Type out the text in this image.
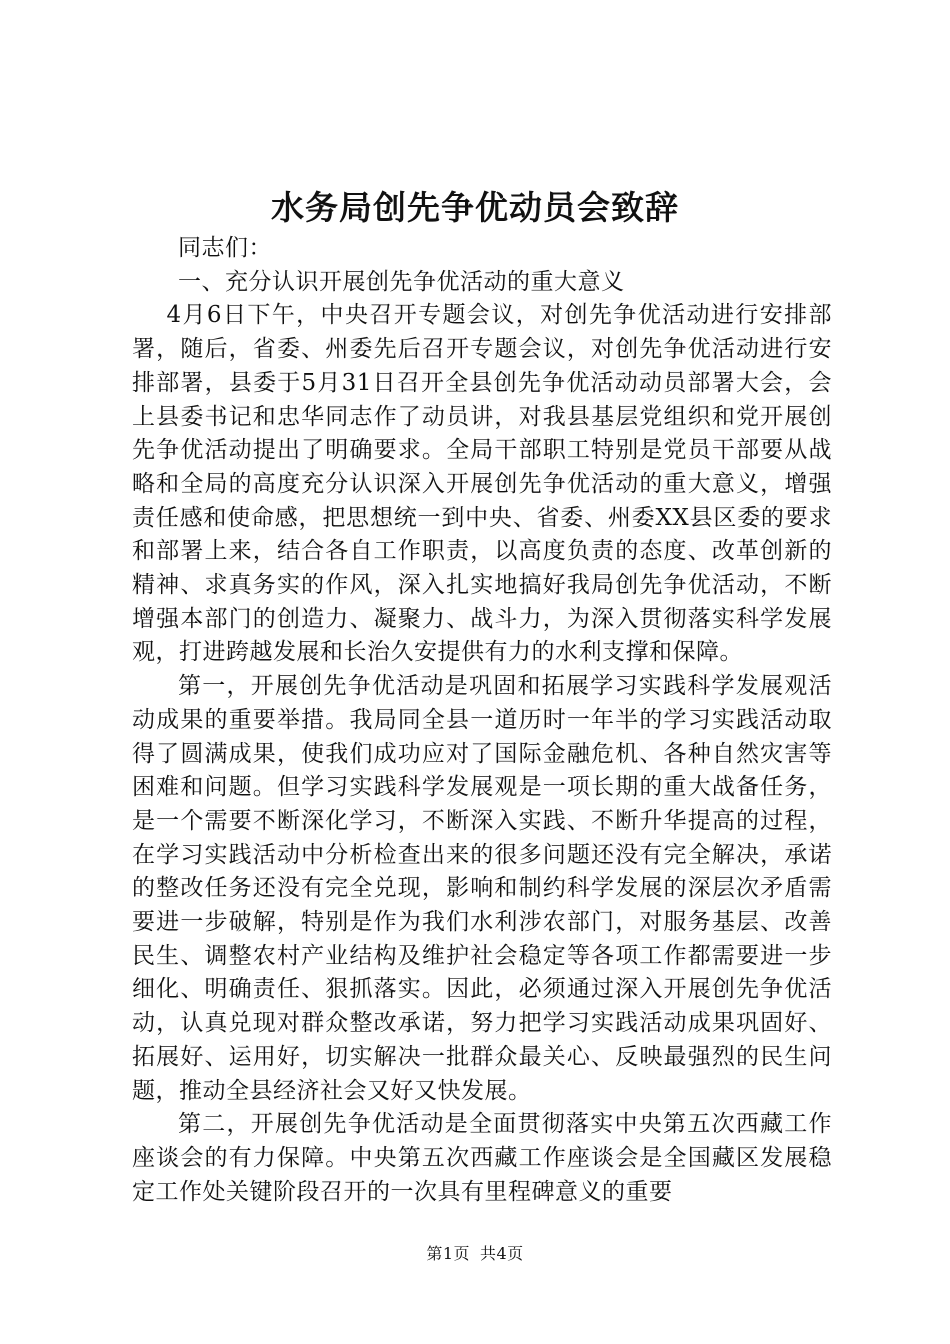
水务局创先争优动员会致辞

同志们：

一、充分认识开展创先争优活动的重大意义

4月6日下午，中央召开专题会议，对创先争优活动进行安排部署，随后，省委、州委先后召开专题会议，对创先争优活动进行安排部署，县委于5月31日召开全县创先争优活动动员部署大会，会上县委书记和忠华同志作了动员讲，对我县基层党组织和党开展创先争优活动提出了明确要求。全局干部职工特别是党员干部要从战略和全局的高度充分认识深入开展创先争优活动的重大意义，增强责任感和使命感，把思想统一到中央、省委、州委XX县区委的要求和部署上来，结合各自工作职责，以高度负责的态度、改革创新的精神、求真务实的作风，深入扎实地搞好我局创先争优活动，不断增强本部门的创造力、凝聚力、战斗力，为深入贯彻落实科学发展观，打进跨越发展和长治久安提供有力的水利支撑和保障。

第一，开展创先争优活动是巩固和拓展学习实践科学发展观活动成果的重要举措。我局同全县一道历时一年半的学习实践活动取得了圆满成果，使我们成功应对了国际金融危机、各种自然灾害等困难和问题。但学习实践科学发展观是一项长期的重大战备任务，是一个需要不断深化学习，不断深入实践、不断升华提高的过程，在学习实践活动中分析检查出来的很多问题还没有完全解决，承诺的整改任务还没有完全兑现，影响和制约科学发展的深层次矛盾需要进一步破解，特别是作为我们水利涉农部门，对服务基层、改善民生、调整农村产业结构及维护社会稳定等各项工作都需要进一步细化、明确责任、狠抓落实。因此，必须通过深入开展创先争优活动，认真兑现对群众整改承诺，努力把学习实践活动成果巩固好、拓展好、运用好，切实解决一批群众最关心、反映最强烈的民生问题，推动全县经济社会又好又快发展。

第二，开展创先争优活动是全面贯彻落实中央第五次西藏工作座谈会的有力保障。中央第五次西藏工作座谈会是全国藏区发展稳定工作处关键阶段召开的一次具有里程碑意义的重要

第1页 共4页
